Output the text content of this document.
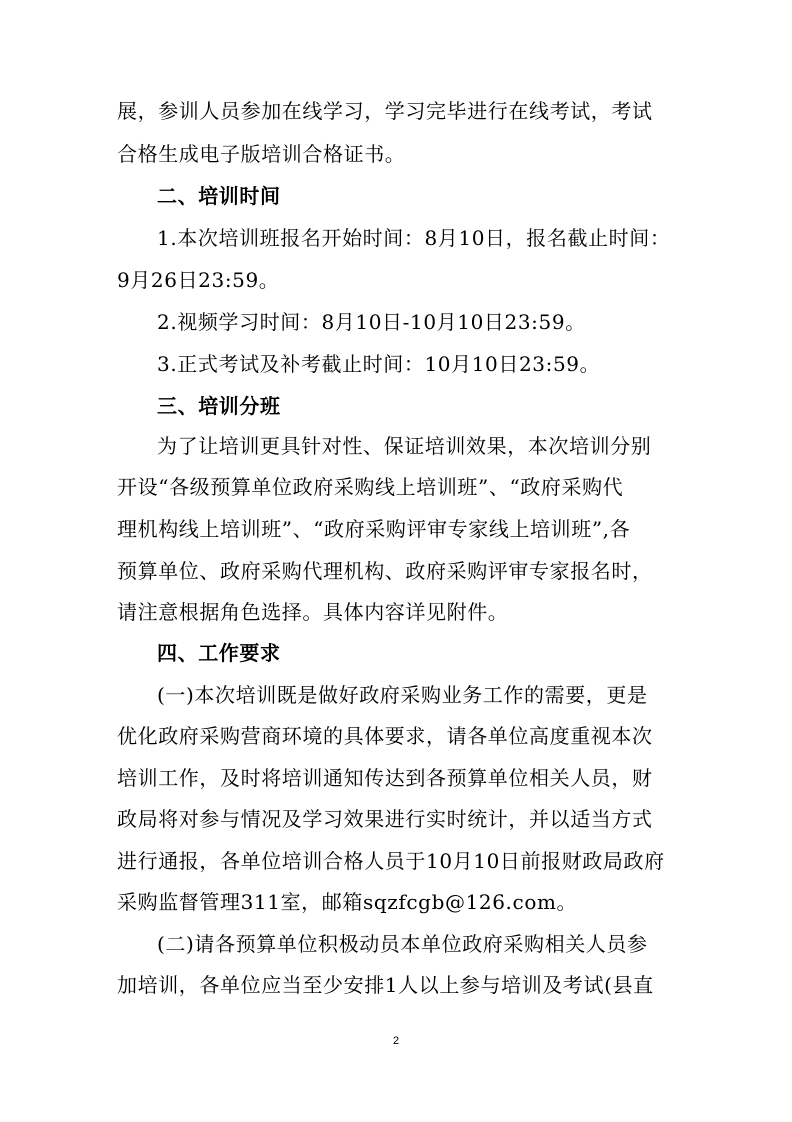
展，参训人员参加在线学习，学习完毕进行在线考试，考试
合格生成电子版培训合格证书。
二、培训时间
1.本次培训班报名开始时间：8月10日，报名截止时间：
9月26日23:59。
2.视频学习时间：8月10日-10月10日23:59。
3.正式考试及补考截止时间：10月10日23:59。
三、培训分班
为了让培训更具针对性、保证培训效果，本次培训分别
开设“各级预算单位政府采购线上培训班”、“政府采购代
理机构线上培训班”、“政府采购评审专家线上培训班”,各
预算单位、政府采购代理机构、政府采购评审专家报名时，
请注意根据角色选择。具体内容详见附件。
四、工作要求
(一)本次培训既是做好政府采购业务工作的需要，更是
优化政府采购营商环境的具体要求，请各单位高度重视本次
培训工作，及时将培训通知传达到各预算单位相关人员，财
政局将对参与情况及学习效果进行实时统计，并以适当方式
进行通报，各单位培训合格人员于10月10日前报财政局政府
采购监督管理311室，邮箱sqzfcgb@126.com。
(二)请各预算单位积极动员本单位政府采购相关人员参
加培训，各单位应当至少安排1人以上参与培训及考试(县直
2
